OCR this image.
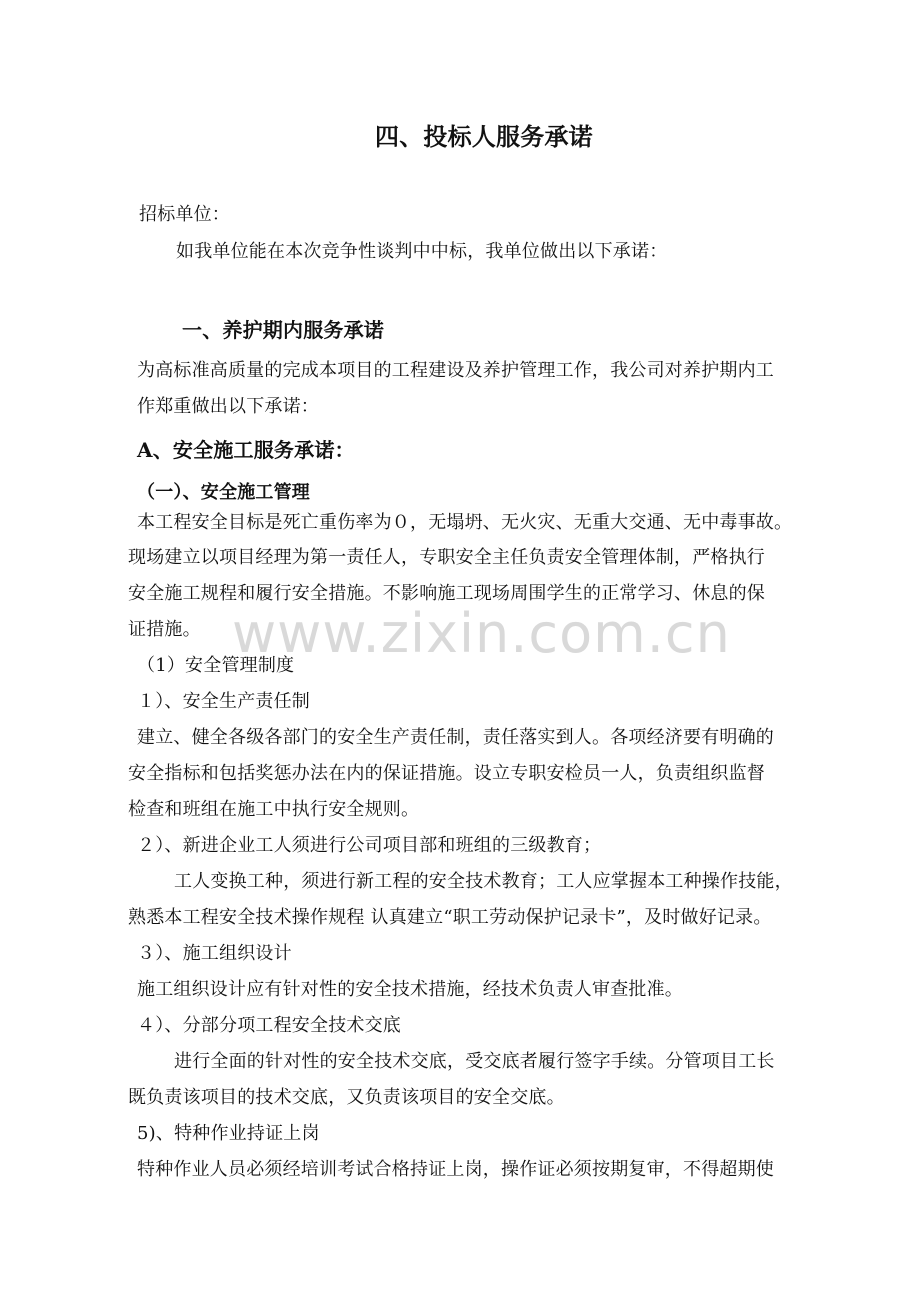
www.zixin.com.cn
四、投标人服务承诺
招标单位：
如我单位能在本次竞争性谈判中中标，我单位做出以下承诺：
一、养护期内服务承诺
为高标准高质量的完成本项目的工程建设及养护管理工作，我公司对养护期内工
作郑重做出以下承诺：
A、安全施工服务承诺：
（一）、安全施工管理
本工程安全目标是死亡重伤率为０，无塌坍、无火灾、无重大交通、无中毒事故。
现场建立以项目经理为第一责任人，专职安全主任负责安全管理体制，严格执行
安全施工规程和履行安全措施。不影响施工现场周围学生的正常学习、休息的保
证措施。
（1）安全管理制度
１）、安全生产责任制
建立、健全各级各部门的安全生产责任制，责任落实到人。各项经济要有明确的
安全指标和包括奖惩办法在内的保证措施。设立专职安检员一人，负责组织监督
检查和班组在施工中执行安全规则。
２）、新进企业工人须进行公司项目部和班组的三级教育；
工人变换工种，须进行新工程的安全技术教育；工人应掌握本工种操作技能，
熟悉本工程安全技术操作规程 认真建立“职工劳动保护记录卡”，及时做好记录。
３）、施工组织设计
施工组织设计应有针对性的安全技术措施，经技术负责人审查批准。
４）、分部分项工程安全技术交底
进行全面的针对性的安全技术交底，受交底者履行签字手续。分管项目工长
既负责该项目的技术交底，又负责该项目的安全交底。
5)、特种作业持证上岗
特种作业人员必须经培训考试合格持证上岗，操作证必须按期复审，不得超期使
